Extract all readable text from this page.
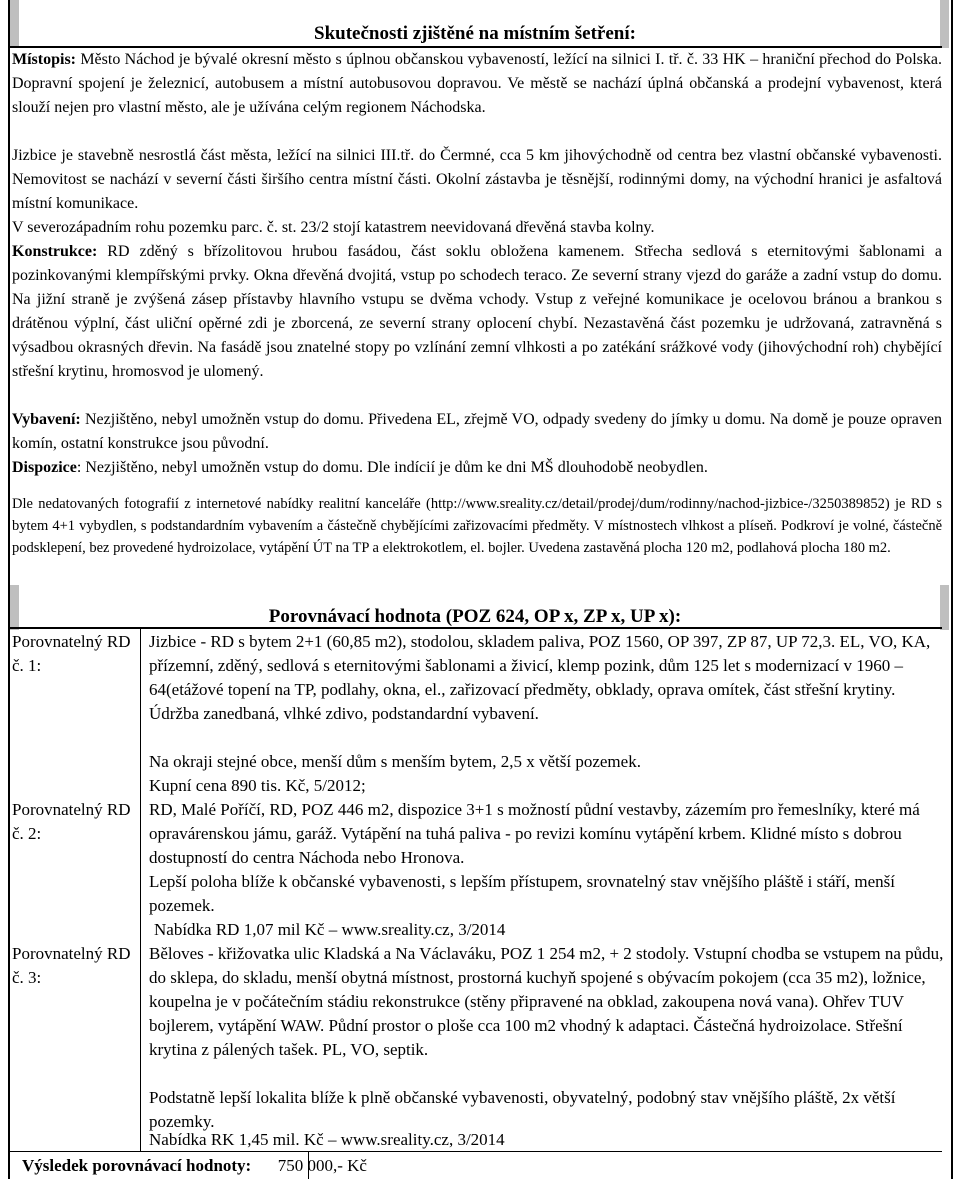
Skutečnosti zjištěné na místním šetření:

Místopis: Město Náchod je bývalé okresní město s úplnou občanskou vybaveností, ležící na silnici I. tř. č. 33 HK – hraniční přechod do Polska. Dopravní spojení je železnicí, autobusem a místní autobusovou dopravou. Ve městě se nachází úplná občanská a prodejní vybavenost, která slouží nejen pro vlastní město, ale je užívána celým regionem Náchodska.

Jizbice je stavebně nesrostlá část města, ležící na silnici III.tř. do Čermné, cca 5 km jihovýchodně od centra bez vlastní občanské vybavenosti. Nemovitost se nachází v severní části širšího centra místní části. Okolní zástavba je těsnější, rodinnými domy, na východní hranici je asfaltová místní komunikace.

V severozápadním rohu pozemku parc. č. st. 23/2 stojí katastrem neevidovaná dřevěná stavba kolny.

Konstrukce: RD zděný s břízolitovou hrubou fasádou, část soklu obložena kamenem. Střecha sedlová s eternitovými šablonami a pozinkovanými klempířskými prvky. Okna dřevěná dvojitá, vstup po schodech teraco. Ze severní strany vjezd do garáže a zadní vstup do domu. Na jižní straně je zvýšená zásep přístavby hlavního vstupu se dvěma vchody. Vstup z veřejné komunikace je ocelovou bránou a brankou s drátěnou výplní, část uliční opěrné zdi je zborcená, ze severní strany oplocení chybí. Nezastavěná část pozemku je udržovaná, zatravněná s výsadbou okrasných dřevin. Na fasádě jsou znatelné stopy po vzlínání zemní vlhkosti a po zatékání srážkové vody (jihovýchodní roh) chybějící střešní krytinu, hromosvod je ulomený.

Vybavení: Nezjištěno, nebyl umožněn vstup do domu. Přivedena EL, zřejmě VO, odpady svedeny do jímky u domu. Na domě je pouze opraven komín, ostatní konstrukce jsou původní.

Dispozice: Nezjištěno, nebyl umožněn vstup do domu. Dle indícií je dům ke dni MŠ dlouhodobě neobydlen.

Dle nedatovaných fotografií z internetové nabídky realitní kanceláře (http://www.sreality.cz/detail/prodej/dum/rodinny/nachod-jizbice-/3250389852) je RD s bytem 4+1 vybydlen, s podstandardním vybavením a částečně chybějícími zařizovacími předměty. V místnostech vlhkost a plíseň. Podkroví je volné, částečně podsklepení, bez provedené hydroizolace, vytápění ÚT na TP a elektrokotlem, el. bojler. Uvedena zastavěná plocha 120 m2, podlahová plocha 180 m2.

Porovnávací hodnota (POZ 624, OP x, ZP x, UP x):
Porovnatelný RD č. 1:

Jizbice - RD s bytem 2+1 (60,85 m2), stodolou, skladem paliva, POZ 1560, OP 397, ZP 87, UP 72,3. EL, VO, KA, přízemní, zděný, sedlová s eternitovými šablonami a živicí, klemp pozink, dům 125 let s modernizací v 1960 – 64(etážové topení na TP, podlahy, okna, el., zařizovací předměty, obklady, oprava omítek, část střešní krytiny. Údržba zanedbaná, vlhké zdivo, podstandardní vybavení.

Na okraji stejné obce, menší dům s menším bytem, 2,5 x větší pozemek.

Kupní cena 890 tis. Kč, 5/2012;

Porovnatelný RD č. 2:

RD, Malé Poříčí, RD, POZ 446 m2, dispozice 3+1 s možností půdní vestavby, zázemím pro řemeslníky, které má opravárenskou jámu, garáž. Vytápění na tuhá paliva - po revizi komínu vytápění krbem. Klidné místo s dobrou dostupností do centra Náchoda nebo Hronova.

Lepší poloha blíže k občanské vybavenosti, s lepším přístupem, srovnatelný stav vnějšího pláště i stáří, menší pozemek.

Nabídka RD 1,07 mil Kč – www.sreality.cz, 3/2014

Porovnatelný RD č. 3:

Běloves - křižovatka ulic Kladská a Na Václaváku, POZ 1 254 m2, + 2 stodoly. Vstupní chodba se vstupem na půdu, do sklepa, do skladu, menší obytná místnost, prostorná kuchyň spojené s obývacím pokojem (cca 35 m2), ložnice, koupelna je v počátečním stádiu rekonstrukce (stěny připravené na obklad, zakoupena nová vana). Ohřev TUV bojlerem, vytápění WAW. Půdní prostor o ploše cca 100 m2 vhodný k adaptaci. Částečná hydroizolace. Střešní krytina z pálených tašek. PL, VO, septik.

Podstatně lepší lokalita blíže k plně občanské vybavenosti, obyvatelný, podobný stav vnějšího pláště, 2x větší pozemky.

Nabídka RK 1,45 mil. Kč – www.sreality.cz, 3/2014

Výsledek porovnávací hodnoty: 750 000,- Kč
